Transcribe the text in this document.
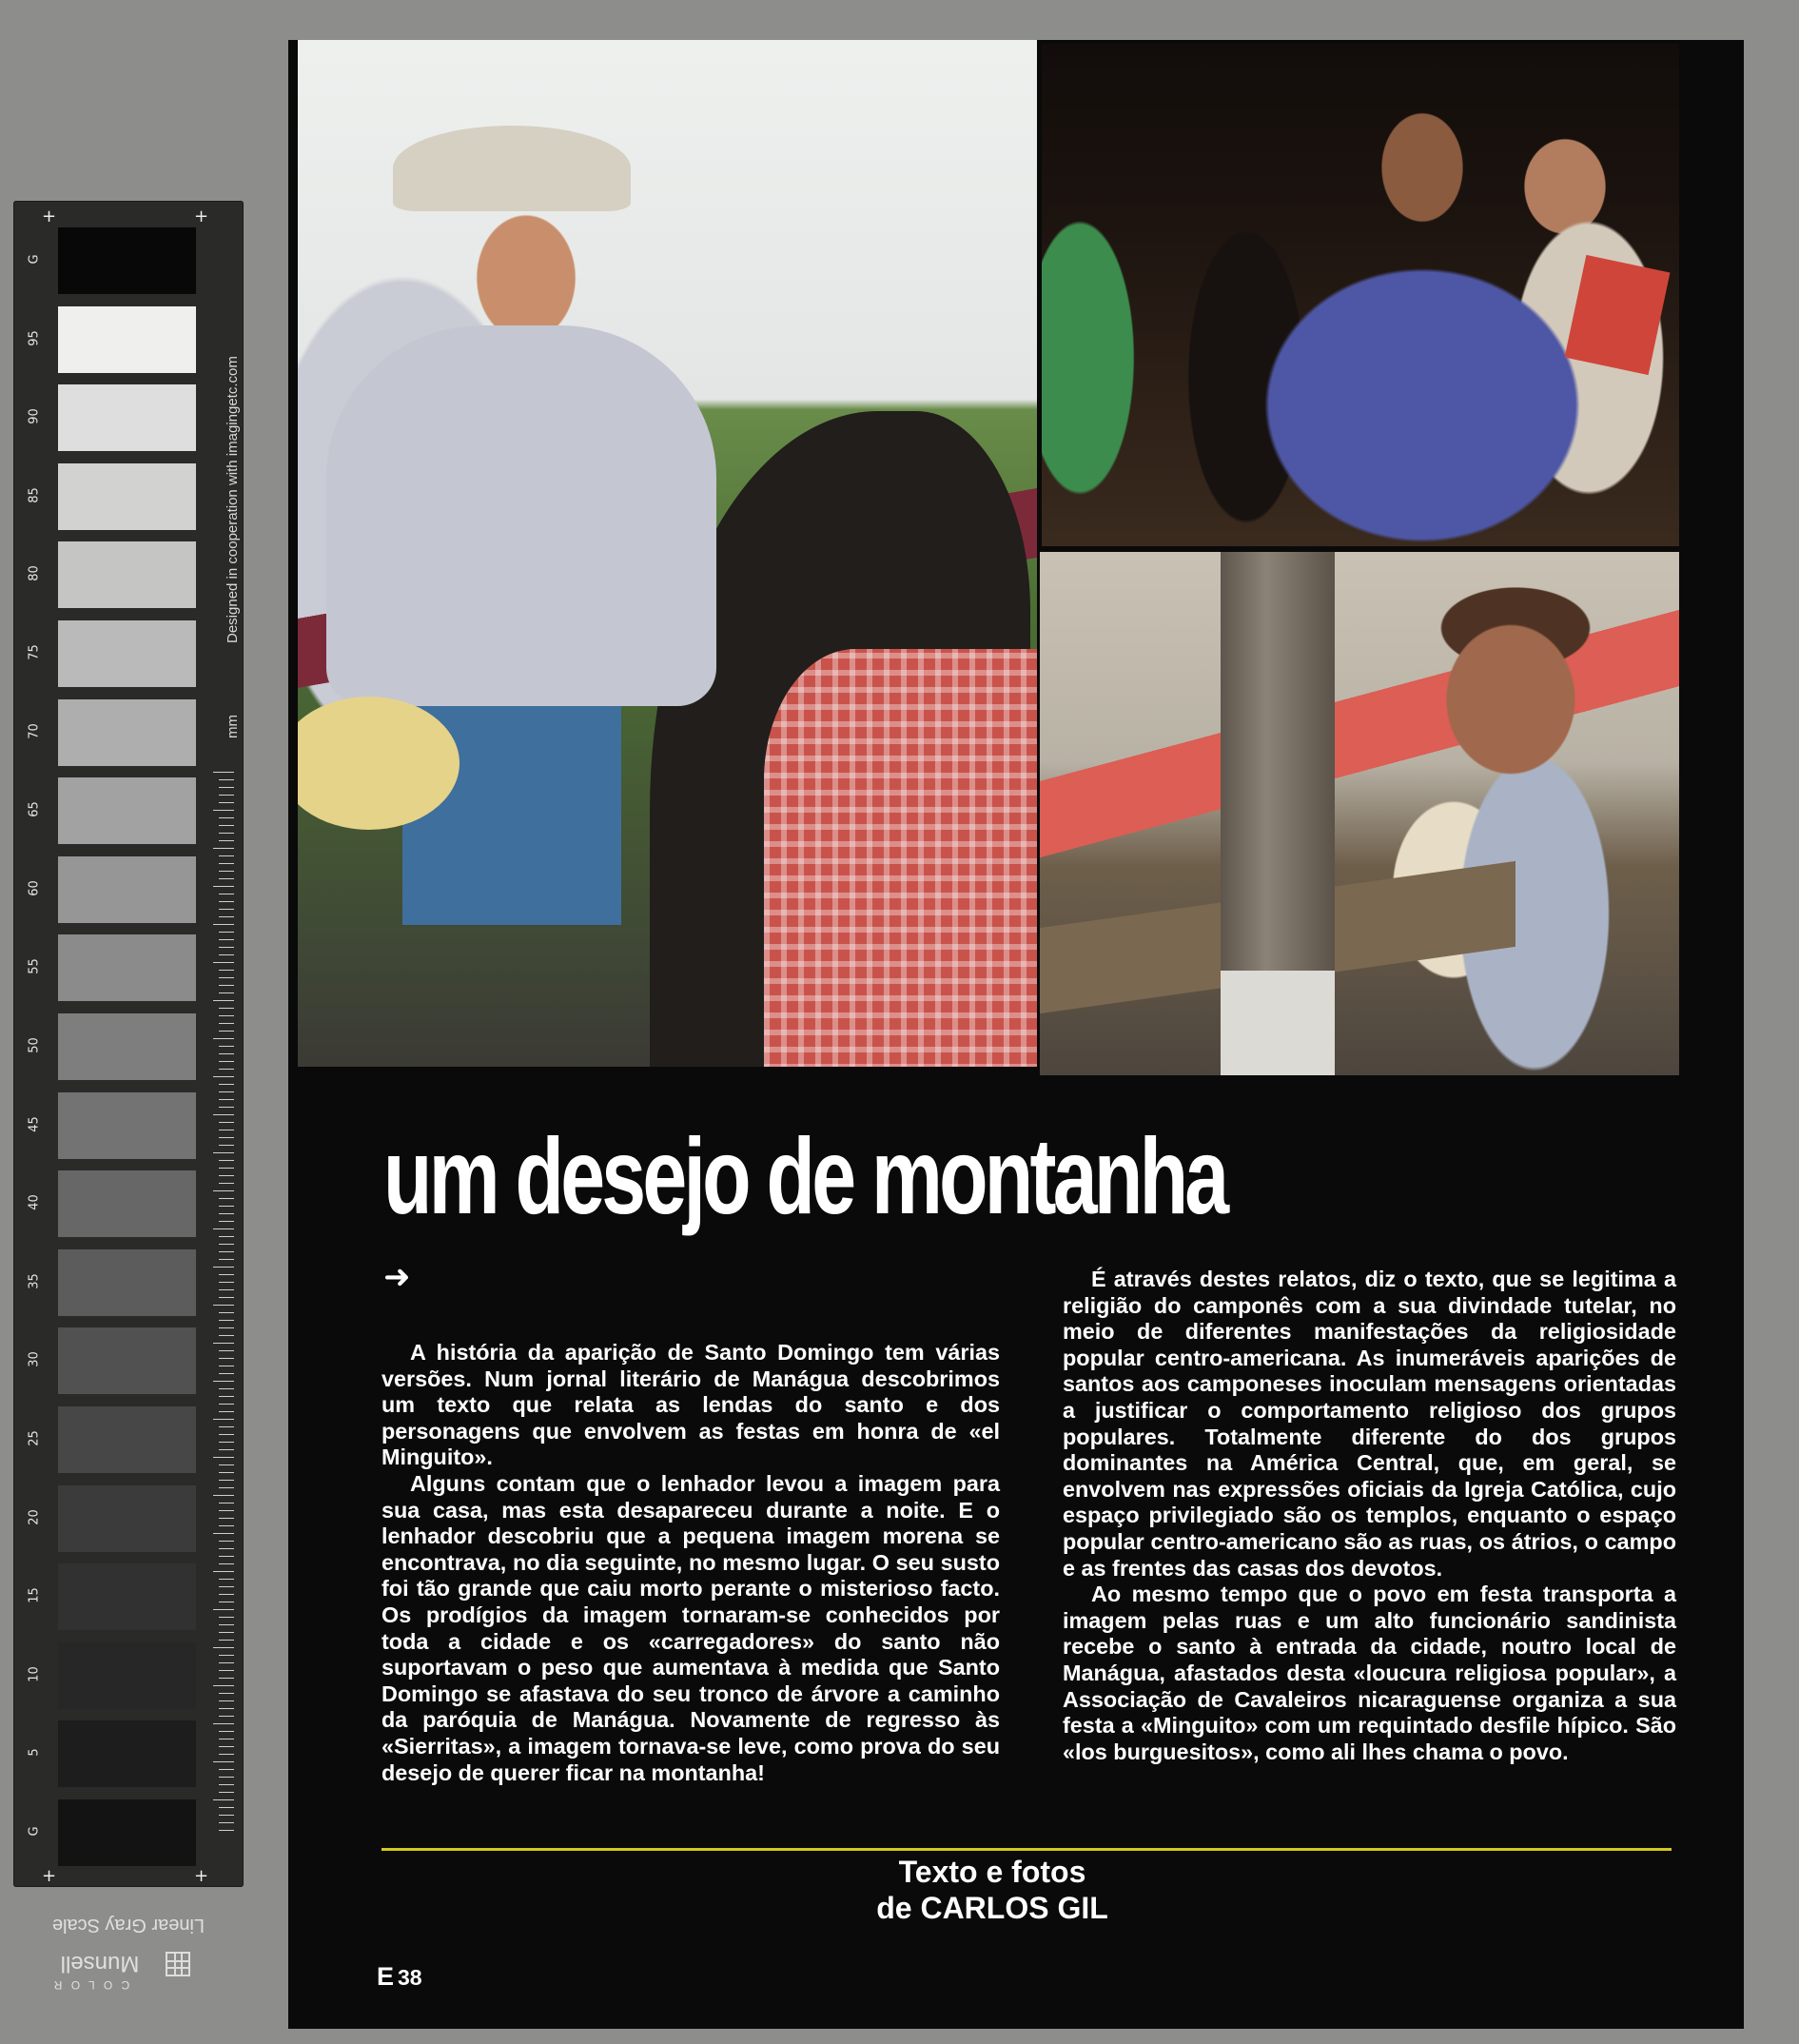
+	+
+	+
Designed in cooperation with imagingetc.com
mm
Linear Gray Scale
C O L O R
Munsell
G
95
90
85
80
75
70
65
60
55
50
45
40
35
30
25
20
15
10
5
G
um desejo de montanha
➜

A história da aparição de Santo Domingo tem várias versões. Num jornal literário de Manágua descobrimos um texto que relata as lendas do santo e dos personagens que envolvem as festas em honra de «el Minguito».

Alguns contam que o lenhador levou a imagem para sua casa, mas esta desapareceu durante a noite. E o lenhador descobriu que a pequena imagem morena se encontrava, no dia seguinte, no mesmo lugar. O seu susto foi tão grande que caiu morto perante o misterioso facto. Os prodígios da imagem tornaram-se conhecidos por toda a cidade e os «carregadores» do santo não suportavam o peso que aumentava à medida que Santo Domingo se afastava do seu tronco de árvore a caminho da paróquia de Manágua. Novamente de regresso às «Sierritas», a imagem tornava-se leve, como prova do seu desejo de querer ficar na montanha!

É através destes relatos, diz o texto, que se legitima a religião do camponês com a sua divindade tutelar, no meio de diferentes manifestações da religiosidade popular centro-americana. As inumeráveis aparições de santos aos camponeses inoculam mensagens orientadas a justificar o comportamento religioso dos grupos populares. Totalmente diferente do dos grupos dominantes na América Central, que, em geral, se envolvem nas expressões oficiais da Igreja Católica, cujo espaço privilegiado são os templos, enquanto o espaço popular centro-americano são as ruas, os átrios, o campo e as frentes das casas dos devotos.

Ao mesmo tempo que o povo em festa transporta a imagem pelas ruas e um alto funcionário sandinista recebe o santo à entrada da cidade, noutro local de Manágua, afastados desta «loucura religiosa popular», a Associação de Cavaleiros nicaraguense organiza a sua festa a «Minguito» com um requintado desfile hípico. São «los burguesitos», como ali lhes chama o povo.

Texto e fotos
de CARLOS GIL
E 38
